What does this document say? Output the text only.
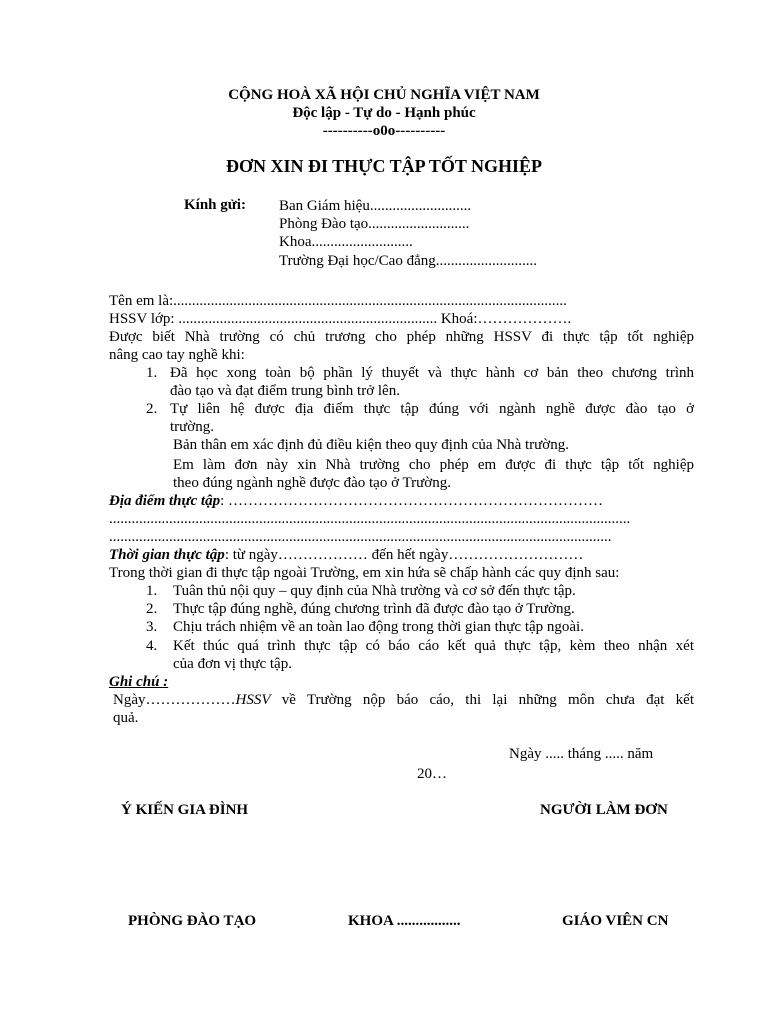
CỘNG HOÀ XÃ HỘI CHỦ NGHĨA VIỆT NAM
Độc lập - Tự do - Hạnh phúc
----------o0o----------
ĐƠN XIN ĐI THỰC TẬP TỐT NGHIỆP
Kính gửi: Ban Giám hiệu...........................
Phòng Đào tạo...........................
Khoa...........................
Trường Đại học/Cao đẳng...........................
Tên em là:.........................................................................................................
HSSV lớp: ..................................................................... Khoá:……………….
Được biết Nhà trường có chủ trương cho phép những HSSV đi thực tập tốt nghiệp
nâng cao tay nghề khi:
1. Đã học xong toàn bộ phần lý thuyết và thực hành cơ bản theo chương trình
đào tạo và đạt điểm trung bình trở lên.
2. Tự liên hệ được địa điểm thực tập đúng với ngành nghề được đào tạo ở
trường.
Bản thân em xác định đủ điều kiện theo quy định của Nhà trường.
Em làm đơn này xin Nhà trường cho phép em được đi thực tập tốt nghiệp
theo đúng ngành nghề được đào tạo ở Trường.
Địa điểm thực tập: …………………………………………………………………
...........................................................................................................................................
......................................................................................................................................
Thời gian thực tập: từ ngày……………… đến hết ngày………………………
Trong thời gian đi thực tập ngoài Trường, em xin hứa sẽ chấp hành các quy định sau:
1. Tuân thủ nội quy – quy định của Nhà trường và cơ sở đến thực tập.
2. Thực tập đúng nghề, đúng chương trình đã được đào tạo ở Trường.
3. Chịu trách nhiệm về an toàn lao động trong thời gian thực tập ngoài.
4. Kết thúc quá trình thực tập có báo cáo kết quả thực tập, kèm theo nhận xét
của đơn vị thực tập.
Ghi chú :
Ngày………………HSSV về Trường nộp báo cáo, thi lại những môn chưa đạt kết
quả.
Ngày ..... tháng ..... năm
20…
Ý KIẾN GIA ĐÌNH	NGƯỜI LÀM ĐƠN
PHÒNG ĐÀO TẠO	KHOA .................	GIÁO VIÊN CN
